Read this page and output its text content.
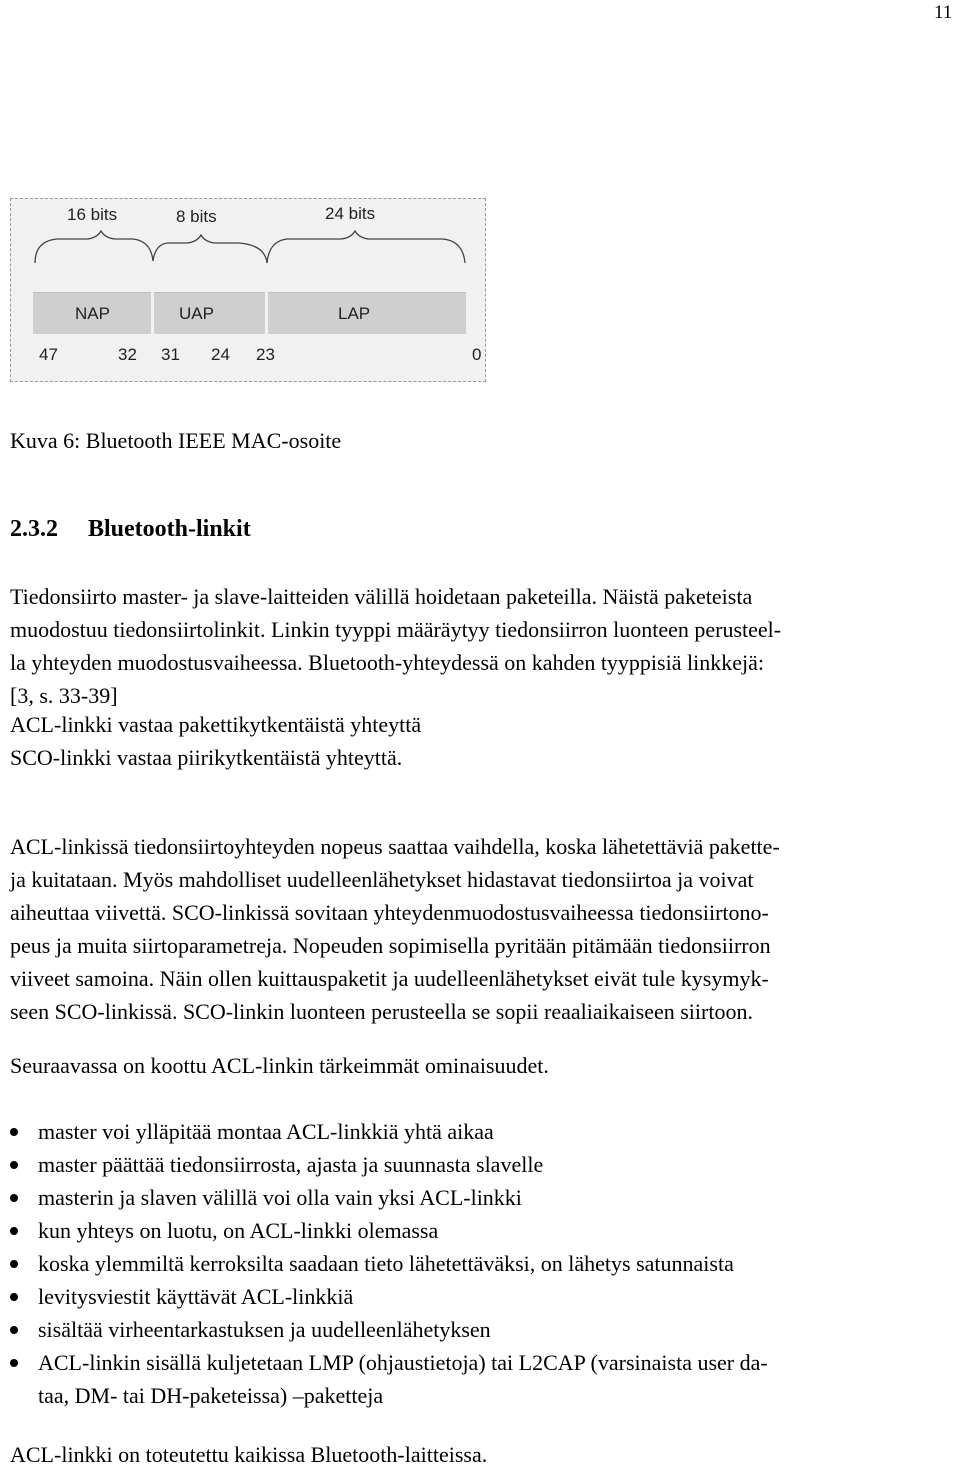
11
16 bits	8 bits	24 bits
NAP	UAP	LAP
47	32 31 24 23	0
Kuva 6: Bluetooth IEEE MAC-osoite
2.3.2 Bluetooth-linkit
Tiedonsiirto master- ja slave-laitteiden välillä hoidetaan paketeilla. Näistä paketeista
muodostuu tiedonsiirtolinkit. Linkin tyyppi määräytyy tiedonsiirron luonteen perusteel-
la yhteyden muodostusvaiheessa. Bluetooth-yhteydessä on kahden tyyppisiä linkkejä:
[3, s. 33-39]
ACL-linkki vastaa pakettikytkentäistä yhteyttä
SCO-linkki vastaa piirikytkentäistä yhteyttä.
ACL-linkissä tiedonsiirtoyhteyden nopeus saattaa vaihdella, koska lähetettäviä pakette-
ja kuitataan. Myös mahdolliset uudelleenlähetykset hidastavat tiedonsiirtoa ja voivat
aiheuttaa viivettä. SCO-linkissä sovitaan yhteydenmuodostusvaiheessa tiedonsiirtono-
peus ja muita siirtoparametreja. Nopeuden sopimisella pyritään pitämään tiedonsiirron
viiveet samoina. Näin ollen kuittauspaketit ja uudelleenlähetykset eivät tule kysymyk-
seen SCO-linkissä. SCO-linkin luonteen perusteella se sopii reaaliaikaiseen siirtoon.
Seuraavassa on koottu ACL-linkin tärkeimmät ominaisuudet.
master voi ylläpitää montaa ACL-linkkiä yhtä aikaa
master päättää tiedonsiirrosta, ajasta ja suunnasta slavelle
masterin ja slaven välillä voi olla vain yksi ACL-linkki
kun yhteys on luotu, on ACL-linkki olemassa
koska ylemmiltä kerroksilta saadaan tieto lähetettäväksi, on lähetys satunnaista
levitysviestit käyttävät ACL-linkkiä
sisältää virheentarkastuksen ja uudelleenlähetyksen
ACL-linkin sisällä kuljetetaan LMP (ohjaustietoja) tai L2CAP (varsinaista user da-
taa, DM- tai DH-paketeissa) –paketteja
ACL-linkki on toteutettu kaikissa Bluetooth-laitteissa.
